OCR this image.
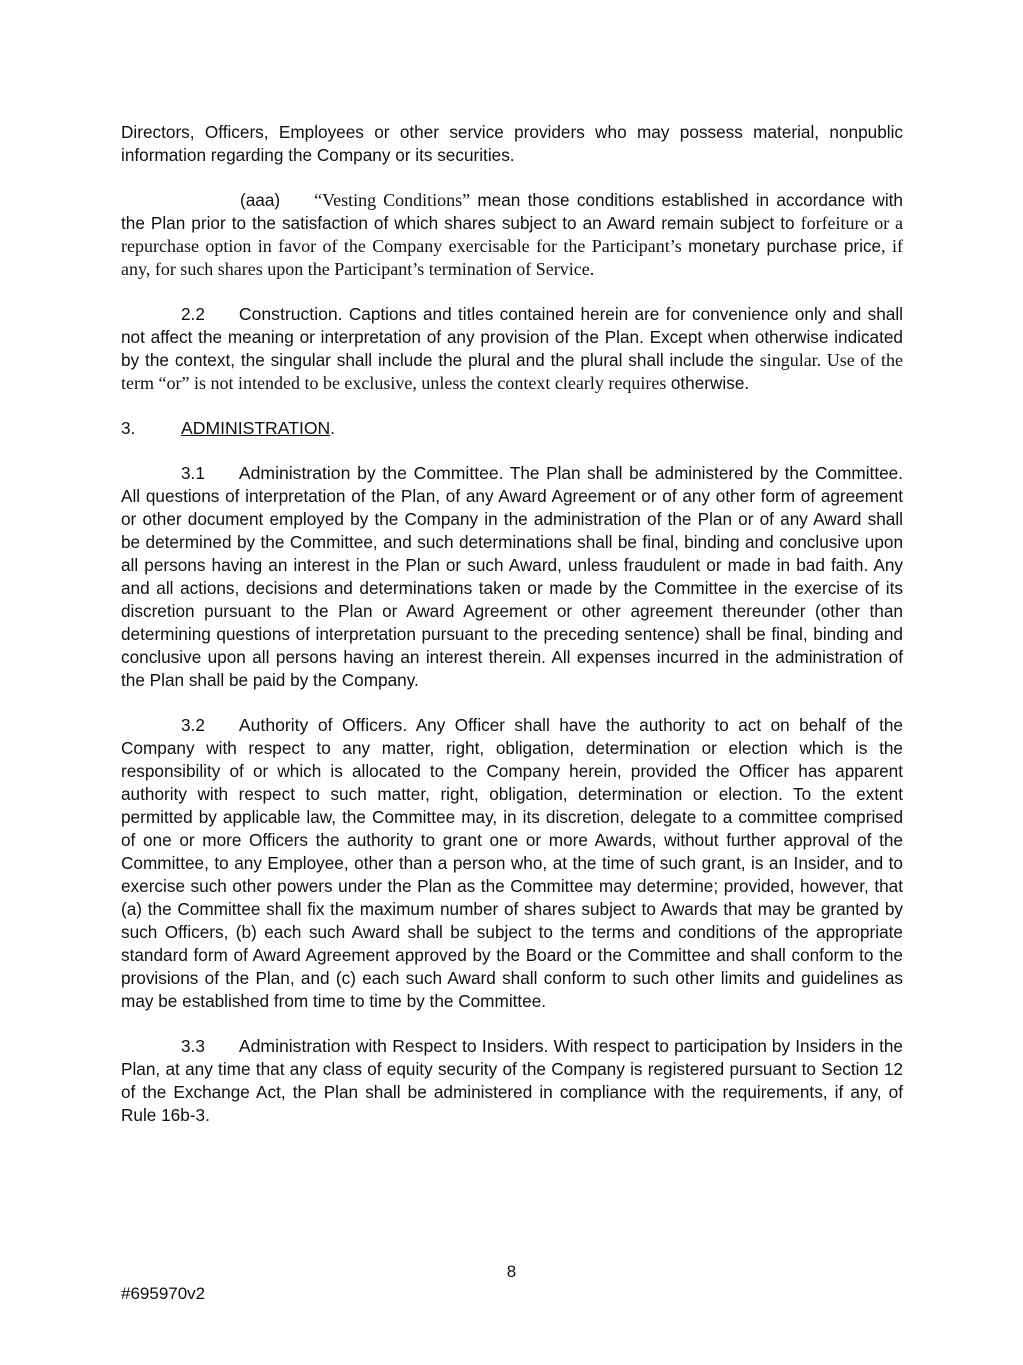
Directors, Officers, Employees or other service providers who may possess material, nonpublic information regarding the Company or its securities.

(aaa) “Vesting Conditions” mean those conditions established in accordance with the Plan prior to the satisfaction of which shares subject to an Award remain subject to forfeiture or a repurchase option in favor of the Company exercisable for the Participant’s monetary purchase price, if any, for such shares upon the Participant’s termination of Service.

2.2 Construction. Captions and titles contained herein are for convenience only and shall not affect the meaning or interpretation of any provision of the Plan. Except when otherwise indicated by the context, the singular shall include the plural and the plural shall include the singular. Use of the term “or” is not intended to be exclusive, unless the context clearly requires otherwise.

3.	ADMINISTRATION.

3.1 Administration by the Committee. The Plan shall be administered by the Committee. All questions of interpretation of the Plan, of any Award Agreement or of any other form of agreement or other document employed by the Company in the administration of the Plan or of any Award shall be determined by the Committee, and such determinations shall be final, binding and conclusive upon all persons having an interest in the Plan or such Award, unless fraudulent or made in bad faith. Any and all actions, decisions and determinations taken or made by the Committee in the exercise of its discretion pursuant to the Plan or Award Agreement or other agreement thereunder (other than determining questions of interpretation pursuant to the preceding sentence) shall be final, binding and conclusive upon all persons having an interest therein. All expenses incurred in the administration of the Plan shall be paid by the Company.

3.2 Authority of Officers. Any Officer shall have the authority to act on behalf of the Company with respect to any matter, right, obligation, determination or election which is the responsibility of or which is allocated to the Company herein, provided the Officer has apparent authority with respect to such matter, right, obligation, determination or election. To the extent permitted by applicable law, the Committee may, in its discretion, delegate to a committee comprised of one or more Officers the authority to grant one or more Awards, without further approval of the Committee, to any Employee, other than a person who, at the time of such grant, is an Insider, and to exercise such other powers under the Plan as the Committee may determine; provided, however, that (a) the Committee shall fix the maximum number of shares subject to Awards that may be granted by such Officers, (b) each such Award shall be subject to the terms and conditions of the appropriate standard form of Award Agreement approved by the Board or the Committee and shall conform to the provisions of the Plan, and (c) each such Award shall conform to such other limits and guidelines as may be established from time to time by the Committee.

3.3 Administration with Respect to Insiders. With respect to participation by Insiders in the Plan, at any time that any class of equity security of the Company is registered pursuant to Section 12 of the Exchange Act, the Plan shall be administered in compliance with the requirements, if any, of Rule 16b-3.

8
#695970v2
